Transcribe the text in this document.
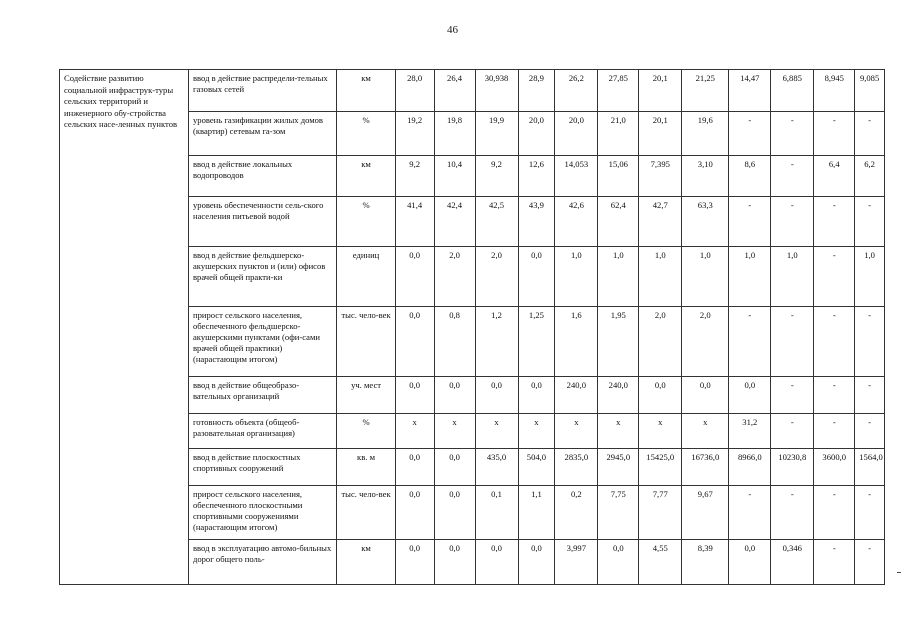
46
Содействие развитию социальной инфраструк-туры сельских территорий и инженерного обу-стройства сельских насе-ленных пунктов	ввод в действие распредели-тельных газовых сетей	км	28,0	26,4	30,938	28,9	26,2	27,85	20,1	21,25	14,47	6,885	8,945	9,085
	уровень газификации жилых домов (квартир) сетевым га-зом	%	19,2	19,8	19,9	20,0	20,0	21,0	20,1	19,6	-	-	-	-
	ввод в действие локальных водопроводов	км	9,2	10,4	9,2	12,6	14,053	15,06	7,395	3,10	8,6	-	6,4	6,2
	уровень обеспеченности сель-ского населения питьевой водой	%	41,4	42,4	42,5	43,9	42,6	62,4	42,7	63,3	-	-	-	-
	ввод в действие фельдшерско-акушерских пунктов и (или) офисов врачей общей практи-ки	единиц	0,0	2,0	2,0	0,0	1,0	1,0	1,0	1,0	1,0	1,0	-	1,0
	прирост сельского населения, обеспеченного фельдшерско-акушерскими пунктами (офи-сами врачей общей практики) (нарастающим итогом)	тыс. чело-век	0,0	0,8	1,2	1,25	1,6	1,95	2,0	2,0	-	-	-	-
	ввод в действие общеобразо-вательных организаций	уч. мест	0,0	0,0	0,0	0,0	240,0	240,0	0,0	0,0	0,0	-	-	-
	готовность объекта (общеоб-разовательная организация)	%	х	х	х	х	х	х	х	х	31,2	-	-	-
	ввод в действие плоскостных спортивных сооружений	кв. м	0,0	0,0	435,0	504,0	2835,0	2945,0	15425,0	16736,0	8966,0	10230,8	3600,0	1564,0
	прирост сельского населения, обеспеченного плоскостными спортивными сооружениями (нарастающим итогом)	тыс. чело-век	0,0	0,0	0,1	1,1	0,2	7,75	7,77	9,67	-	-	-	-
	ввод в эксплуатацию автомо-бильных дорог общего поль-	км	0,0	0,0	0,0	0,0	3,997	0,0	4,55	8,39	0,0	0,346	-	-
